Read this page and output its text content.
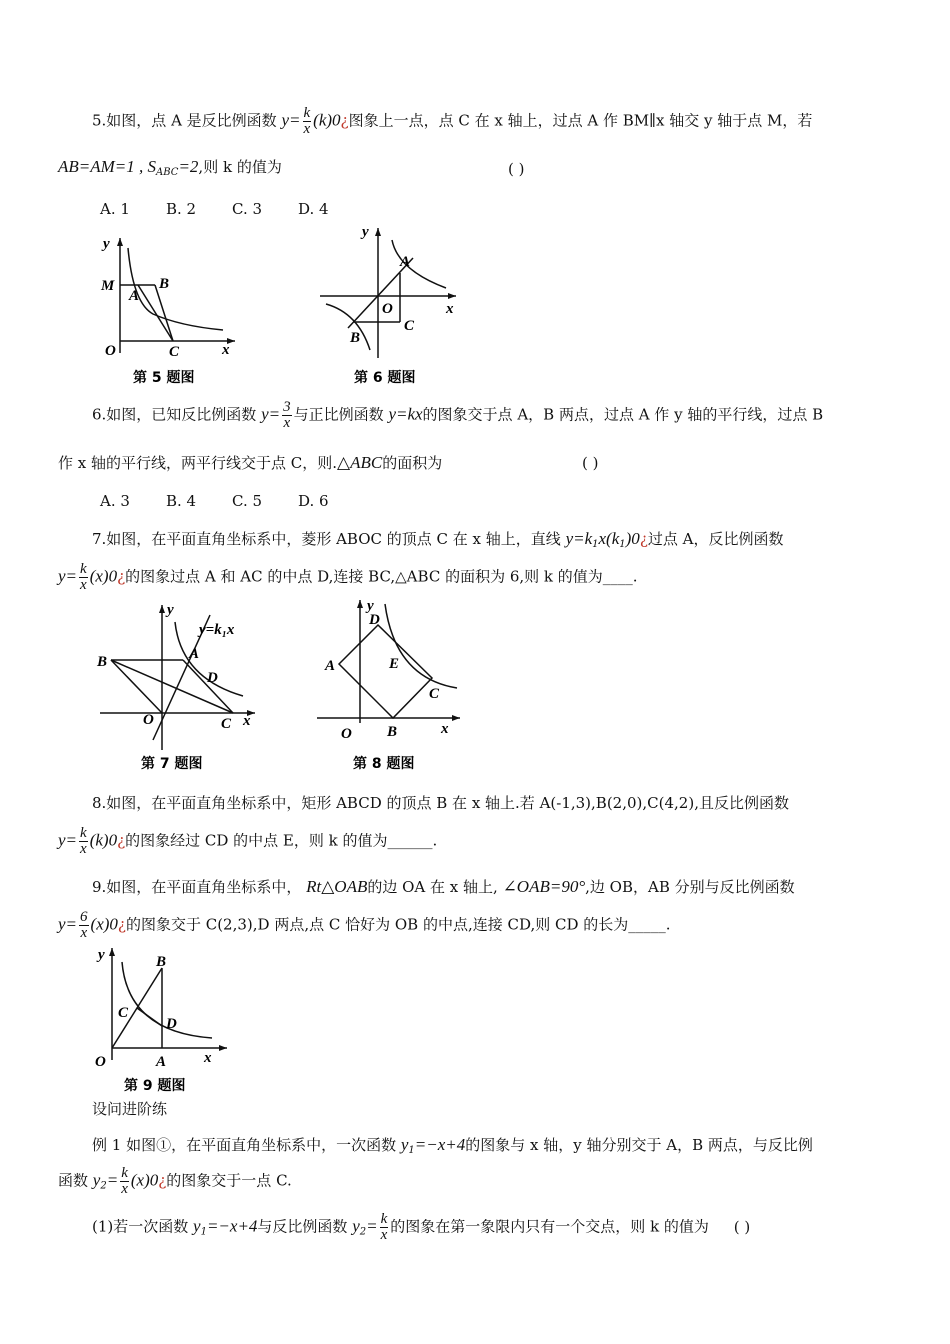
5.如图，点 A 是反比例函数 $y= \frac{k}{x}$ (k)0¿图象上一点，点 C 在 x 轴上，过点 A 作 BM∥x 轴交 y 轴于点 M，若
AB=AM=1 , $S_{ABC}=2$,则 k 的值为	( )
A. 1 B. 2 C. 3 D. 4
y
M
A
B
O	C	x
第 5 题图
y
A
O
C
B
x
第 6 题图
6.如图，已知反比例函数 $y= \frac{3}{x}$ 与正比例函数 y=kx的图象交于点 A，B 两点，过点 A 作 y 轴的平行线，过点 B
作 x 轴的平行线，两平行线交于点 C，则.△ABC的面积为	( )
A. 3 B. 4 C. 5 D. 6
7.如图，在平面直角坐标系中，菱形 ABOC 的顶点 C 在 x 轴上，直线 $y=k_1x(k_1)0¿$过点 A，反比例函数
$y= \frac{k}{x}$ (x)0¿的图象过点 A 和 AC 的中点 D,连接 BC,△ABC 的面积为 6,则 k 的值为____.
y
y=k₁x
B	A
D
O	C x
第 7 题图
y
D
A	E
C
O B	x
第 8 题图
8.如图，在平面直角坐标系中，矩形 ABCD 的顶点 B 在 x 轴上.若 A(-1,3),B(2,0),C(4,2),且反比例函数
$y= \frac{k}{x}$ (k)0¿的图象经过 CD 的中点 E，则 k 的值为______.
9.如图，在平面直角坐标系中， Rt△OAB的边 OA 在 x 轴上, ∠OAB=90°,边 OB，AB 分别与反比例函数
$y= \frac{6}{x}$ (x)0¿的图象交于 C(2,3),D 两点,点 C 恰好为 OB 的中点,连接 CD,则 CD 的长为_____.
y	B
C
D
O	A	x
第 9 题图
设问进阶练
例 1 如图①，在平面直角坐标系中，一次函数 $y_1=-x+4$的图象与 x 轴，y 轴分别交于 A，B 两点，与反比例
函数 $y_2= \frac{k}{x}$ (x)0¿的图象交于一点 C.
(1)若一次函数 $y_1=-x+4$与反比例函数 $y_2= \frac{k}{x}$ 的图象在第一象限内只有一个交点，则 k 的值为 ( )
